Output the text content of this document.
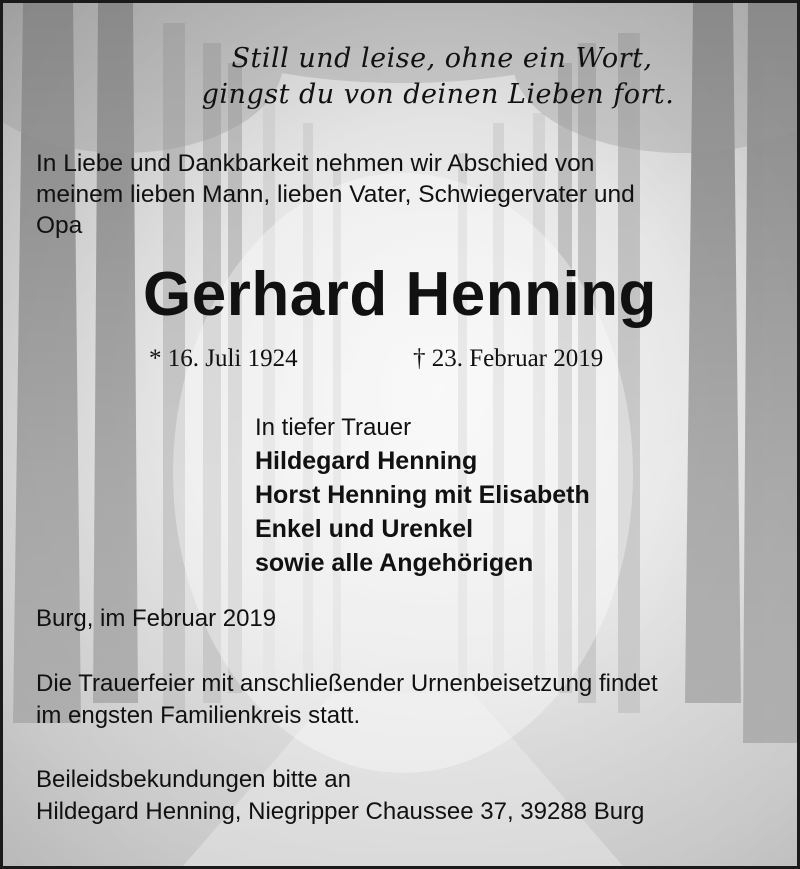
Still und leise, ohne ein Wort,
gingst du von deinen Lieben fort.
In Liebe und Dankbarkeit nehmen wir Abschied von
meinem lieben Mann, lieben Vater, Schwiegervater und
Opa
Gerhard Henning
* 16. Juli 1924	† 23. Februar 2019
In tiefer Trauer
Hildegard Henning
Horst Henning mit Elisabeth
Enkel und Urenkel
sowie alle Angehörigen
Burg, im Februar 2019
Die Trauerfeier mit anschließender Urnenbeisetzung findet
im engsten Familienkreis statt.
Beileidsbekundungen bitte an
Hildegard Henning, Niegripper Chaussee 37, 39288 Burg
